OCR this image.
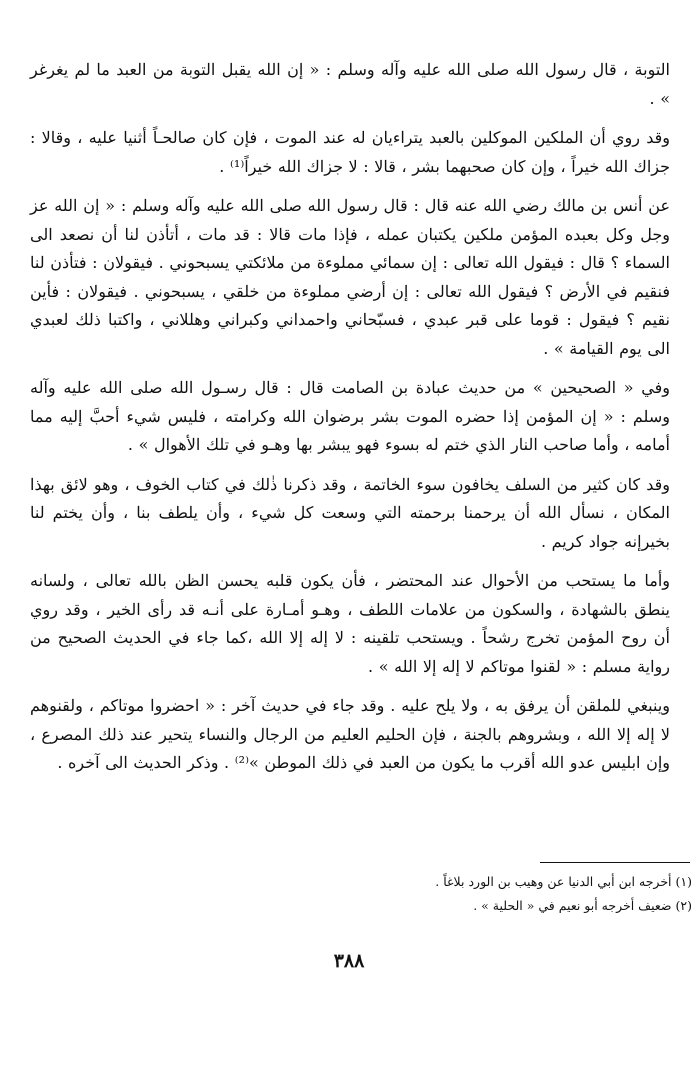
التوبة ، قال رسول الله صلى الله عليه وآله وسلم : « إن الله يقبل التوبة من العبد ما لم يغرغر » .

وقد روي أن الملكين الموكلين بالعبد يتراءيان له عند الموت ، فإن كان صالحـاً أثنيا عليه ، وقالا : جزاك الله خيراً ، وإن كان صحبهما بشر ، قالا : لا جزاك الله خيراً⁽¹⁾ .

عن أنس بن مالك رضي الله عنه قال : قال رسول الله صلى الله عليه وآله وسلم : « إن الله عز وجل وكل بعبده المؤمن ملكين يكتبان عمله ، فإذا مات قالا : قد مات ، أتأذن لنا أن نصعد الى السماء ؟ قال : فيقول الله تعالى : إن سمائي مملوءة من ملائكتي يسبحوني . فيقولان : فتأذن لنا فنقيم في الأرض ؟ فيقول الله تعالى : إن أرضي مملوءة من خلقي ، يسبحوني . فيقولان : فأين نقيم ؟ فيقول : قوما على قبر عبدي ، فسبّحاني واحمداني وكبراني وهللاني ، واكتبا ذلك لعبدي الى يوم القيامة » .

وفي « الصحيحين » من حديث عبادة بن الصامت قال : قال رسـول الله صلى الله عليه وآله وسلم : « إن المؤمن إذا حضره الموت بشر برضوان الله وكرامته ، فليس شيء أحبَّ إليه مما أمامه ، وأما صاحب النار الذي ختم له بسوء فهو يبشر بها وهـو في تلك الأهوال » .

وقد كان كثير من السلف يخافون سوء الخاتمة ، وقد ذكرنا ذٰلك في كتاب الخوف ، وهو لائق بهذا المكان ، نسأل الله أن يرحمنا برحمته التي وسعت كل شيء ، وأن يلطف بنا ، وأن يختم لنا بخيرإنه جواد كريم .

وأما ما يستحب من الأحوال عند المحتضر ، فأن يكون قلبه يحسن الظن بالله تعالى ، ولسانه ينطق بالشهادة ، والسكون من علامات اللطف ، وهـو أمـارة على أنـه قد رأى الخير ، وقد روي أن روح المؤمن تخرج رشحاً . ويستحب تلقينه : لا إله إلا الله ،كما جاء في الحديث الصحيح من رواية مسلم : « لقنوا موتاكم لا إله إلا الله » .

وينبغي للملقن أن يرفق به ، ولا يلح عليه . وقد جاء في حديث آخر : « احضروا موتاكم ، ولقنوهم لا إله إلا الله ، وبشروهم بالجنة ، فإن الحليم العليم من الرجال والنساء يتحير عند ذلك المصرع ، وإن ابليس عدو الله أقرب ما يكون من العبد في ذلك الموطن »⁽²⁾ . وذكر الحديث الى آخره .

(١) أخرجه ابن أبي الدنيا عن وهيب بن الورد بلاغاً .

(٢) ضعيف أخرجه أبو نعيم في « الحلية » .

٣٨٨
